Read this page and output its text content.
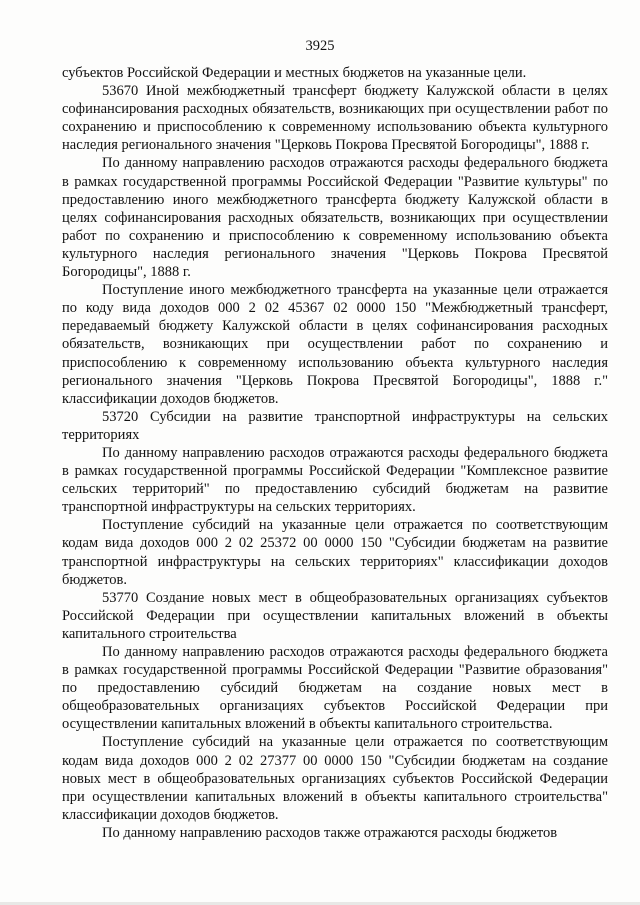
3925

субъектов Российской Федерации и местных бюджетов на указанные цели.

53670 Иной межбюджетный трансферт бюджету Калужской области в целях софинансирования расходных обязательств, возникающих при осуществлении работ по сохранению и приспособлению к современному использованию объекта культурного наследия регионального значения "Церковь Покрова Пресвятой Богородицы", 1888 г.

По данному направлению расходов отражаются расходы федерального бюджета в рамках государственной программы Российской Федерации "Развитие культуры" по предоставлению иного межбюджетного трансферта бюджету Калужской области в целях софинансирования расходных обязательств, возникающих при осуществлении работ по сохранению и приспособлению к современному использованию объекта культурного наследия регионального значения "Церковь Покрова Пресвятой Богородицы", 1888 г.

Поступление иного межбюджетного трансферта на указанные цели отражается по коду вида доходов 000 2 02 45367 02 0000 150 "Межбюджетный трансферт, передаваемый бюджету Калужской области в целях софинансирования расходных обязательств, возникающих при осуществлении работ по сохранению и приспособлению к современному использованию объекта культурного наследия регионального значения "Церковь Покрова Пресвятой Богородицы", 1888 г." классификации доходов бюджетов.

53720 Субсидии на развитие транспортной инфраструктуры на сельских территориях

По данному направлению расходов отражаются расходы федерального бюджета в рамках государственной программы Российской Федерации "Комплексное развитие сельских территорий" по предоставлению субсидий бюджетам на развитие транспортной инфраструктуры на сельских территориях.

Поступление субсидий на указанные цели отражается по соответствующим кодам вида доходов 000 2 02 25372 00 0000 150 "Субсидии бюджетам на развитие транспортной инфраструктуры на сельских территориях" классификации доходов бюджетов.

53770 Создание новых мест в общеобразовательных организациях субъектов Российской Федерации при осуществлении капитальных вложений в объекты капитального строительства

По данному направлению расходов отражаются расходы федерального бюджета в рамках государственной программы Российской Федерации "Развитие образования" по предоставлению субсидий бюджетам на создание новых мест в общеобразовательных организациях субъектов Российской Федерации при осуществлении капитальных вложений в объекты капитального строительства.

Поступление субсидий на указанные цели отражается по соответствующим кодам вида доходов 000 2 02 27377 00 0000 150 "Субсидии бюджетам на создание новых мест в общеобразовательных организациях субъектов Российской Федерации при осуществлении капитальных вложений в объекты капитального строительства" классификации доходов бюджетов.

По данному направлению расходов также отражаются расходы бюджетов
